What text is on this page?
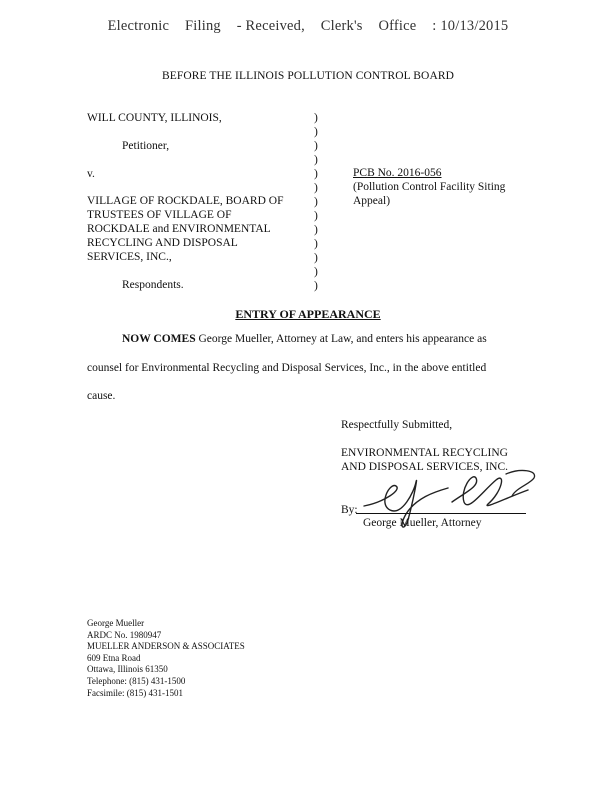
Electronic Filing - Received, Clerk's Office : 10/13/2015
BEFORE THE ILLINOIS POLLUTION CONTROL BOARD
WILL COUNTY, ILLINOIS,
Petitioner,
v.
VILLAGE OF ROCKDALE, BOARD OF
TRUSTEES OF VILLAGE OF
ROCKDALE and ENVIRONMENTAL
RECYCLING AND DISPOSAL
SERVICES, INC.,
Respondents.
)
)
)
)
)
)
)
)
)
)
)
)
)
PCB No. 2016-056
(Pollution Control Facility Siting
Appeal)
ENTRY OF APPEARANCE
NOW COMES George Mueller, Attorney at Law, and enters his appearance as
counsel for Environmental Recycling and Disposal Services, Inc., in the above entitled
cause.
Respectfully Submitted,
ENVIRONMENTAL RECYCLING
AND DISPOSAL SERVICES, INC.
By:
George Mueller, Attorney
George Mueller
ARDC No. 1980947
MUELLER ANDERSON & ASSOCIATES
609 Etna Road
Ottawa, Illinois 61350
Telephone: (815) 431-1500
Facsimile: (815) 431-1501
